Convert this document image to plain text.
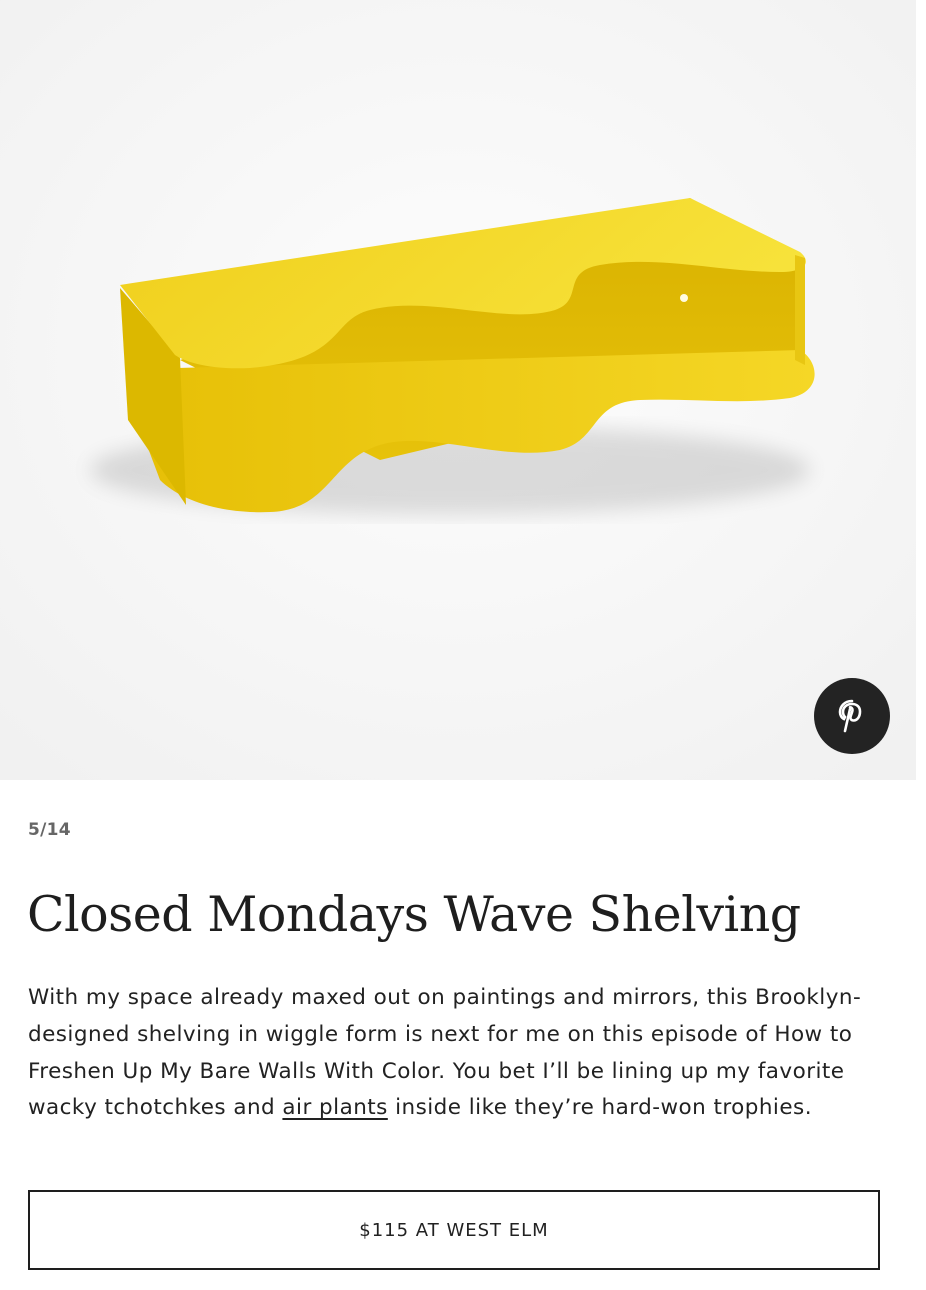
5/14
Closed Mondays Wave Shelving

With my space already maxed out on paintings and mirrors, this Brooklyn-designed shelving in wiggle form is next for me on this episode of How to Freshen Up My Bare Walls With Color. You bet I’ll be lining up my favorite wacky tchotchkes and air plants inside like they’re hard-won trophies.

$115 AT WEST ELM
